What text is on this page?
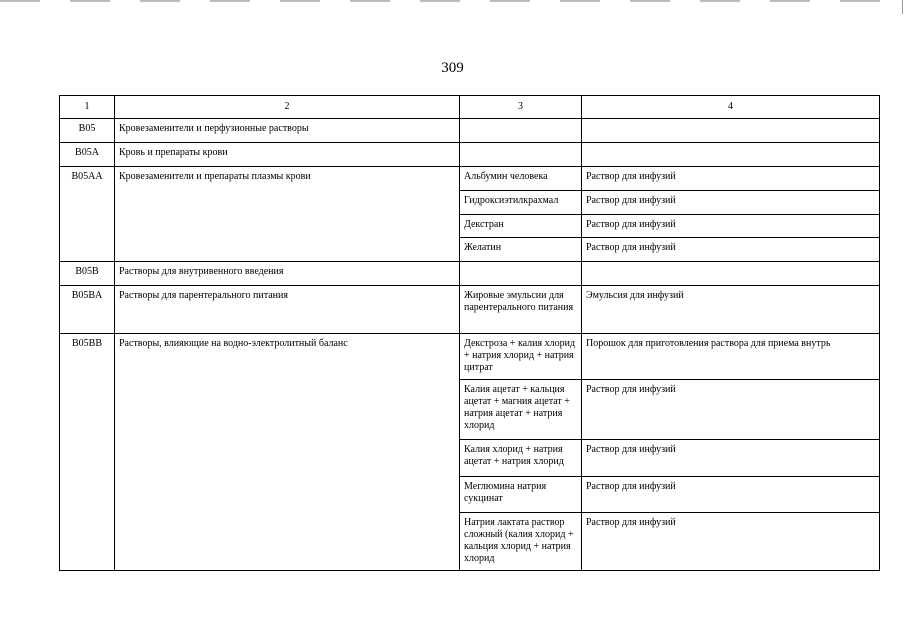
309
1	2	3	4
B05	Кровезаменители и перфузионные растворы		
B05A	Кровь и препараты крови		
B05AA	Кровезаменители и препараты плазмы крови	Альбумин человека	Раствор для инфузий
		Гидроксиэтилкрахмал	Раствор для инфузий
		Декстран	Раствор для инфузий
		Желатин	Раствор для инфузий
B05B	Растворы для внутривенного введения		
B05BA	Растворы для парентерального питания	Жировые эмульсии для парентерального питания	Эмульсия для инфузий
B05BB	Растворы, влияющие на водно-электролитный баланс	Декстроза + калия хлорид + натрия хлорид + натрия цитрат	Порошок для приготовления раствора для приема внутрь
		Калия ацетат + кальция ацетат + магния ацетат + натрия ацетат + натрия хлорид	Раствор для инфузий
		Калия хлорид + натрия ацетат + натрия хлорид	Раствор для инфузий
		Меглюмина натрия сукцинат	Раствор для инфузий
		Натрия лактата раствор сложный (калия хлорид + кальция хлорид + натрия хлорид	Раствор для инфузий
